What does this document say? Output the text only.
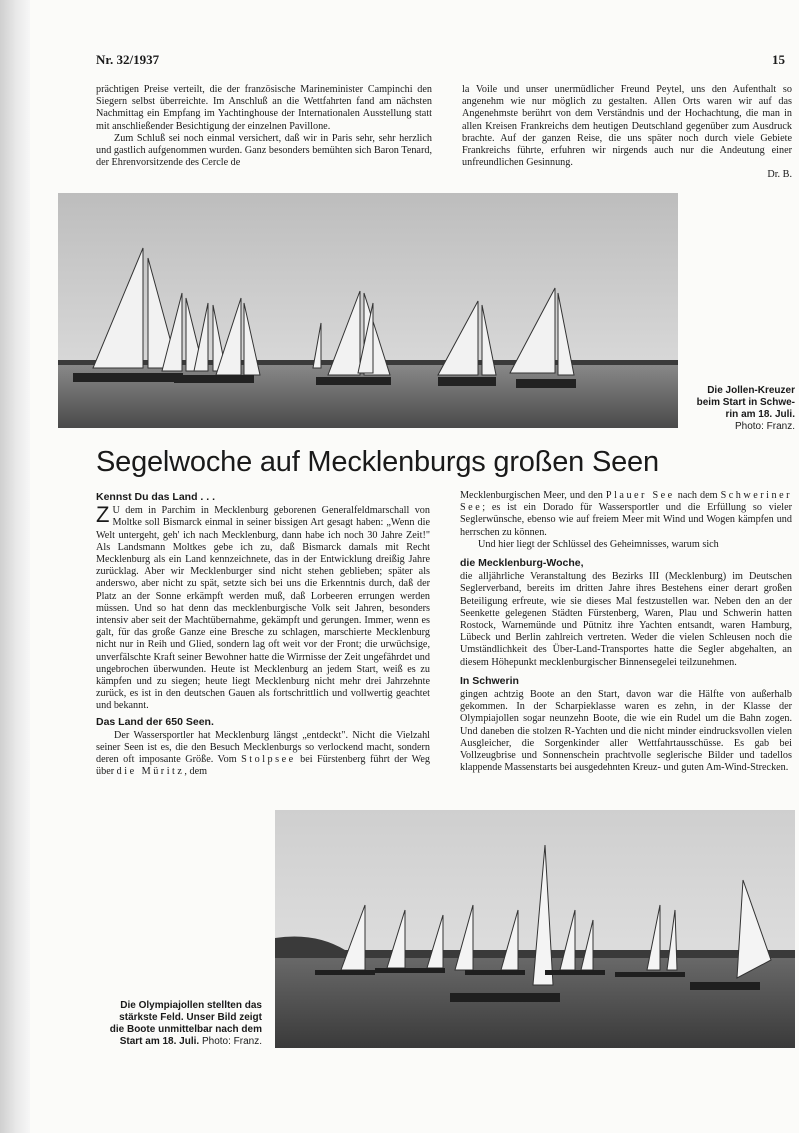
Nr. 32/1937	15

prächtigen Preise verteilt, die der französische Marineminister Campinchi den Siegern selbst überreichte. Im Anschluß an die Wettfahrten fand am nächsten Nachmittag ein Empfang im Yachtinghouse der Internationalen Ausstellung statt mit anschließender Besichtigung der einzelnen Pavillone.

Zum Schluß sei noch einmal versichert, daß wir in Paris sehr, sehr herzlich und gastlich aufgenommen wurden. Ganz besonders bemühten sich Baron Tenard, der Ehrenvorsitzende des Cercle de

la Voile und unser unermüdlicher Freund Peytel, uns den Aufenthalt so angenehm wie nur möglich zu gestalten. Allen Orts waren wir auf das Angenehmste berührt von dem Verständnis und der Hochachtung, die man in allen Kreisen Frankreichs dem heutigen Deutschland gegenüber zum Ausdruck brachte. Auf der ganzen Reise, die uns später noch durch viele Gebiete Frankreichs führte, erfuhren wir nirgends auch nur die Andeutung einer unfreundlichen Gesinnung.

Dr. B.

Die Jollen-Kreuzer
beim Start in Schwe-
rin am 18. Juli.
Photo: Franz.
Segelwoche auf Mecklenburgs großen Seen

Kennst Du das Land . . .

Z U dem in Parchim in Mecklenburg geborenen Generalfeldmarschall von Moltke soll Bismarck einmal in seiner bissigen Art gesagt haben: „Wenn die Welt untergeht, geh' ich nach Mecklenburg, dann habe ich noch 30 Jahre Zeit!" Als Landsmann Moltkes gebe ich zu, daß Bismarck damals mit Recht Mecklenburg als ein Land kennzeichnete, das in der Entwicklung dreißig Jahre zurücklag. Aber wir Mecklenburger sind nicht stehen geblieben; später als anderswo, aber nicht zu spät, setzte sich bei uns die Erkenntnis durch, daß der Platz an der Sonne erkämpft werden muß, daß Lorbeeren errungen werden müssen. Und so hat denn das mecklenburgische Volk seit Jahren, besonders intensiv aber seit der Machtübernahme, gekämpft und gerungen. Immer, wenn es galt, für das große Ganze eine Bresche zu schlagen, marschierte Mecklenburg nicht nur in Reih und Glied, sondern lag oft weit vor der Front; die urwüchsige, unverfälschte Kraft seiner Bewohner hatte die Wirrnisse der Zeit ungefährdet und ungebrochen überwunden. Heute ist Mecklenburg an jedem Start, weiß es zu kämpfen und zu siegen; heute liegt Mecklenburg nicht mehr drei Jahrzehnte zurück, es ist in den deutschen Gauen als fortschrittlich und vollwertig geachtet und bekannt.

Das Land der 650 Seen.

Der Wassersportler hat Mecklenburg längst „entdeckt". Nicht die Vielzahl seiner Seen ist es, die den Besuch Mecklenburgs so verlockend macht, sondern deren oft imposante Größe. Vom Stolpsee bei Fürstenberg führt der Weg über die Müritz, dem

Mecklenburgischen Meer, und den Plauer See nach dem Schweriner See; es ist ein Dorado für Wassersportler und die Erfüllung so vieler Seglerwünsche, ebenso wie auf freiem Meer mit Wind und Wogen kämpfen und herrschen zu können.

Und hier liegt der Schlüssel des Geheimnisses, warum sich

die Mecklenburg-Woche,

die alljährliche Veranstaltung des Bezirks III (Mecklenburg) im Deutschen Seglerverband, bereits im dritten Jahre ihres Bestehens einer derart großen Beteiligung erfreute, wie sie dieses Mal festzustellen war. Neben den an der Seenkette gelegenen Städten Fürstenberg, Waren, Plau und Schwerin hatten Rostock, Warnemünde und Pütnitz ihre Yachten entsandt, waren Hamburg, Lübeck und Berlin zahlreich vertreten. Weder die vielen Schleusen noch die Umständlichkeit des Über-Land-Transportes hatte die Segler abgehalten, an diesem Höhepunkt mecklenburgischer Binnensegelei teilzunehmen.

In Schwerin

gingen achtzig Boote an den Start, davon war die Hälfte von außerhalb gekommen. In der Scharpieklasse waren es zehn, in der Klasse der Olympiajollen sogar neunzehn Boote, die wie ein Rudel um die Bahn zogen. Und daneben die stolzen R-Yachten und die nicht minder eindrucksvollen vielen Ausgleicher, die Sorgenkinder aller Wettfahrtausschüsse. Es gab bei Vollzeugbrise und Sonnenschein prachtvolle seglerische Bilder und tadellos klappende Massenstarts bei ausgedehnten Kreuz- und guten Am-Wind-Strecken.

Die Olympiajollen stellten das
stärkste Feld. Unser Bild zeigt
die Boote unmittelbar nach dem
Start am 18. Juli. Photo: Franz.
